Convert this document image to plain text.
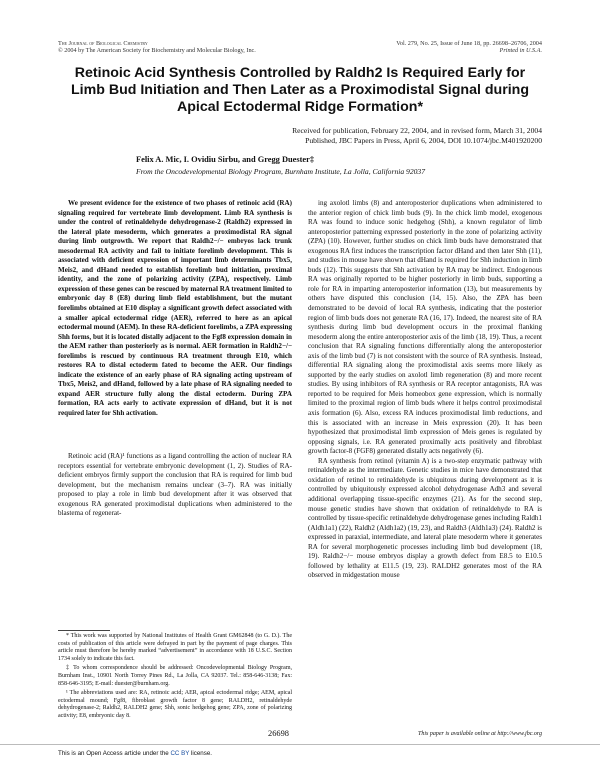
The Journal of Biological Chemistry
© 2004 by The American Society for Biochemistry and Molecular Biology, Inc.
Vol. 279, No. 25, Issue of June 18, pp. 26698–26706, 2004
Printed in U.S.A.
Retinoic Acid Synthesis Controlled by Raldh2 Is Required Early for Limb Bud Initiation and Then Later as a Proximodistal Signal during Apical Ectodermal Ridge Formation*
Received for publication, February 22, 2004, and in revised form, March 31, 2004
Published, JBC Papers in Press, April 6, 2004, DOI 10.1074/jbc.M401920200
Felix A. Mic, I. Ovidiu Sirbu, and Gregg Duester‡
From the Oncodevelopmental Biology Program, Burnham Institute, La Jolla, California 92037

We present evidence for the existence of two phases of retinoic acid (RA) signaling required for vertebrate limb development. Limb RA synthesis is under the control of retinaldehyde dehydrogenase-2 (Raldh2) expressed in the lateral plate mesoderm, which generates a proximodistal RA signal during limb outgrowth. We report that Raldh2−/− embryos lack trunk mesodermal RA activity and fail to initiate forelimb development. This is associated with deficient expression of important limb determinants Tbx5, Meis2, and dHand needed to establish forelimb bud initiation, proximal identity, and the zone of polarizing activity (ZPA), respectively. Limb expression of these genes can be rescued by maternal RA treatment limited to embryonic day 8 (E8) during limb field establishment, but the mutant forelimbs obtained at E10 display a significant growth defect associated with a smaller apical ectodermal ridge (AER), referred to here as an apical ectodermal mound (AEM). In these RA-deficient forelimbs, a ZPA expressing Shh forms, but it is located distally adjacent to the Fgf8 expression domain in the AEM rather than posteriorly as is normal. AER formation in Raldh2−/− forelimbs is rescued by continuous RA treatment through E10, which restores RA to distal ectoderm fated to become the AER. Our findings indicate the existence of an early phase of RA signaling acting upstream of Tbx5, Meis2, and dHand, followed by a late phase of RA signaling needed to expand AER structure fully along the distal ectoderm. During ZPA formation, RA acts early to activate expression of dHand, but it is not required later for Shh activation.

Retinoic acid (RA)¹ functions as a ligand controlling the action of nuclear RA receptors essential for vertebrate embryonic development (1, 2). Studies of RA-deficient embryos firmly support the conclusion that RA is required for limb bud development, but the mechanism remains unclear (3–7). RA was initially proposed to play a role in limb bud development after it was observed that exogenous RA generated proximodistal duplications when administered to the blastema of regenerat-

ing axolotl limbs (8) and anteroposterior duplications when administered to the anterior region of chick limb buds (9). In the chick limb model, exogenous RA was found to induce sonic hedgehog (Shh), a known regulator of limb anteroposterior patterning expressed posteriorly in the zone of polarizing activity (ZPA) (10). However, further studies on chick limb buds have demonstrated that exogenous RA first induces the transcription factor dHand and then later Shh (11), and studies in mouse have shown that dHand is required for Shh induction in limb buds (12). This suggests that Shh activation by RA may be indirect. Endogenous RA was originally reported to be higher posteriorly in limb buds, supporting a role for RA in imparting anteroposterior information (13), but measurements by others have disputed this conclusion (14, 15). Also, the ZPA has been demonstrated to be devoid of local RA synthesis, indicating that the posterior region of limb buds does not generate RA (16, 17). Indeed, the nearest site of RA synthesis during limb bud development occurs in the proximal flanking mesoderm along the entire anteroposterior axis of the limb (18, 19). Thus, a recent conclusion that RA signaling functions differentially along the anteroposterior axis of the limb bud (7) is not consistent with the source of RA synthesis. Instead, differential RA signaling along the proximodistal axis seems more likely as supported by the early studies on axolotl limb regeneration (8) and more recent studies. By using inhibitors of RA synthesis or RA receptor antagonists, RA was reported to be required for Meis homeobox gene expression, which is normally limited to the proximal region of limb buds where it helps control proximodistal axis formation (6). Also, excess RA induces proximodistal limb reductions, and this is associated with an increase in Meis expression (20). It has been hypothesized that proximodistal limb expression of Meis genes is regulated by opposing signals, i.e. RA generated proximally acts positively and fibroblast growth factor-8 (FGF8) generated distally acts negatively (6).

RA synthesis from retinol (vitamin A) is a two-step enzymatic pathway with retinaldehyde as the intermediate. Genetic studies in mice have demonstrated that oxidation of retinol to retinaldehyde is ubiquitous during development as it is controlled by ubiquitously expressed alcohol dehydrogenase Adh3 and several additional overlapping tissue-specific enzymes (21). As for the second step, mouse genetic studies have shown that oxidation of retinaldehyde to RA is controlled by tissue-specific retinaldehyde dehydrogenase genes including Raldh1 (Aldh1a1) (22), Raldh2 (Aldh1a2) (19, 23), and Raldh3 (Aldh1a3) (24). Raldh2 is expressed in paraxial, intermediate, and lateral plate mesoderm where it generates RA for several morphogenetic processes including limb bud development (18, 19). Raldh2−/− mouse embryos display a growth defect from E8.5 to E10.5 followed by lethality at E11.5 (19, 23). RALDH2 generates most of the RA observed in midgestation mouse

* This work was supported by National Institutes of Health Grant GM62848 (to G. D.). The costs of publication of this article were defrayed in part by the payment of page charges. This article must therefore be hereby marked “advertisement” in accordance with 18 U.S.C. Section 1734 solely to indicate this fact.

‡ To whom correspondence should be addressed: Oncodevelopmental Biology Program, Burnham Inst., 10901 North Torrey Pines Rd., La Jolla, CA 92037. Tel.: 858-646-3138; Fax: 858-646-3195; E-mail: duester@burnham.org.

¹ The abbreviations used are: RA, retinoic acid; AER, apical ectodermal ridge; AEM, apical ectodermal mound; Fgf8, fibroblast growth factor 8 gene; RALDH2, retinaldehyde dehydrogenase-2; Raldh2, RALDH2 gene; Shh, sonic hedgehog gene; ZPA, zone of polarizing activity; E8, embryonic day 8.

26698	This paper is available online at http://www.jbc.org
This is an Open Access article under the CC BY license.
